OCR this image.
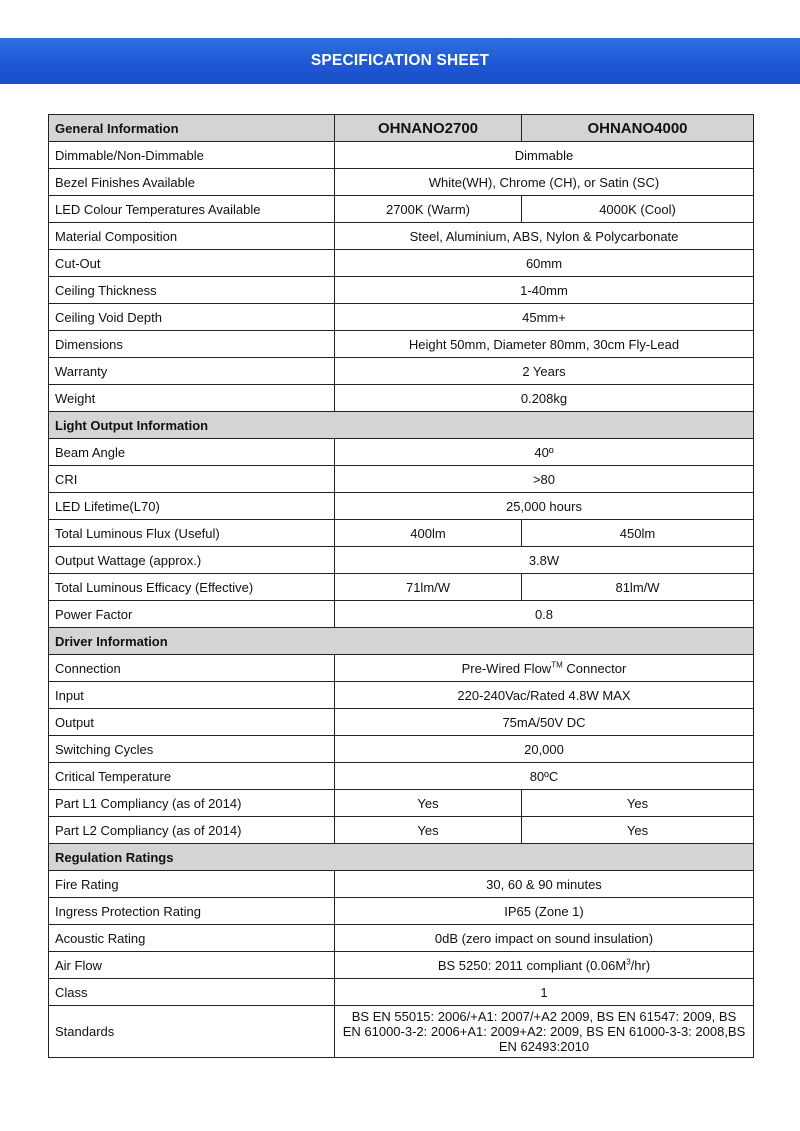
SPECIFICATION SHEET
General Information	OHNANO2700	OHNANO4000
Dimmable/Non-Dimmable	Dimmable	
Bezel Finishes Available	White(WH), Chrome (CH), or Satin (SC)	
LED Colour Temperatures Available	2700K (Warm)	4000K (Cool)
Material Composition	Steel, Aluminium, ABS, Nylon & Polycarbonate	
Cut-Out	60mm	
Ceiling Thickness	1-40mm	
Ceiling Void Depth	45mm+	
Dimensions	Height 50mm, Diameter 80mm, 30cm Fly-Lead	
Warranty	2 Years	
Weight	0.208kg	
Light Output Information		
Beam Angle	40º	
CRI	>80	
LED Lifetime(L70)	25,000 hours	
Total Luminous Flux (Useful)	400lm	450lm
Output Wattage (approx.)	3.8W	
Total Luminous Efficacy (Effective)	71lm/W	81lm/W
Power Factor	0.8	
Driver Information		
Connection	Pre-Wired Flow™ Connector	
Input	220-240Vac/Rated 4.8W MAX	
Output	75mA/50V DC	
Switching Cycles	20,000	
Critical Temperature	80ºC	
Part L1 Compliancy (as of 2014)	Yes	Yes
Part L2 Compliancy (as of 2014)	Yes	Yes
Regulation Ratings		
Fire Rating	30, 60 & 90 minutes	
Ingress Protection Rating	IP65 (Zone 1)	
Acoustic Rating	0dB (zero impact on sound insulation)	
Air Flow	BS 5250: 2011 compliant $(0.06M^3/hr)$	
Class	1	
Standards	BS EN 55015: 2006/+A1: 2007/+A2 2009, BS EN 61547: 2009, BS EN 61000-3-2: 2006+A1: 2009+A2: 2009, BS EN 61000-3-3: 2008,BS EN 62493:2010	
